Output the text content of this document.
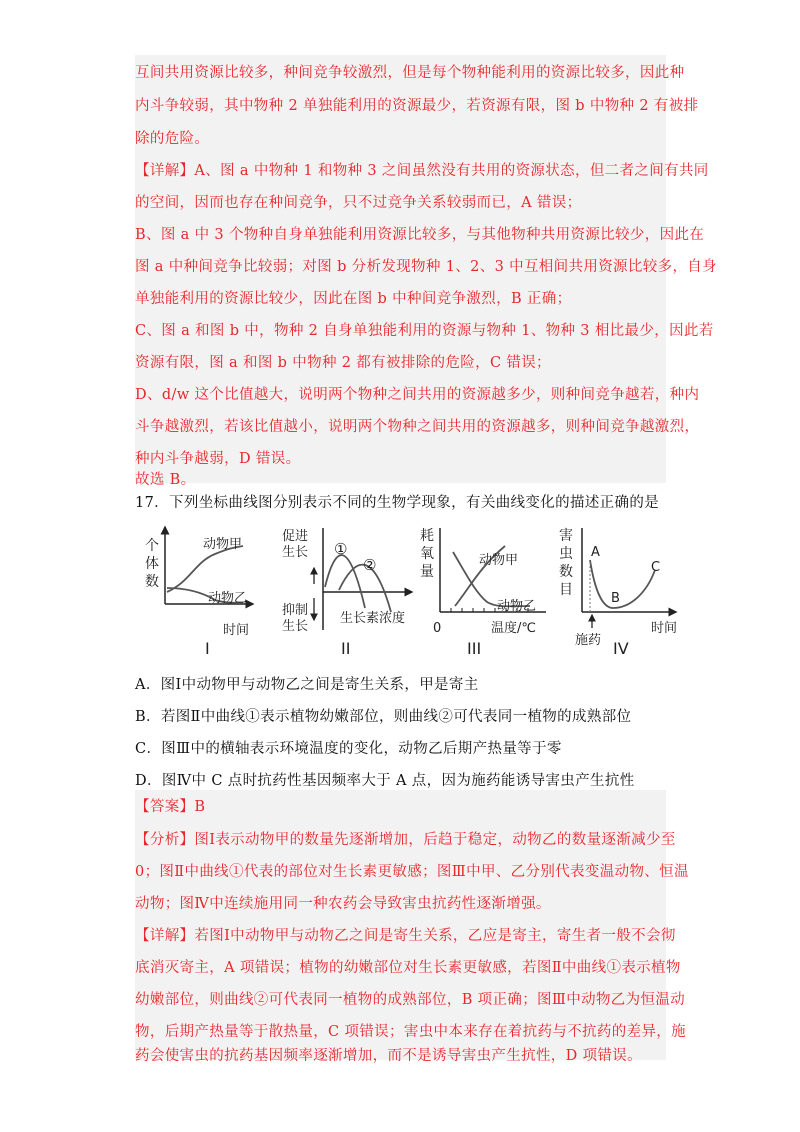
互间共用资源比较多，种间竞争较激烈，但是每个物种能利用的资源比较多，因此种
内斗争较弱，其中物种 2 单独能利用的资源最少，若资源有限，图 b 中物种 2 有被排
除的危险。
【详解】A、图 a 中物种 1 和物种 3 之间虽然没有共用的资源状态，但二者之间有共同
的空间，因而也存在种间竞争，只不过竞争关系较弱而已，A 错误；
B、图 a 中 3 个物种自身单独能利用资源比较多，与其他物种共用资源比较少，因此在
图 a 中种间竞争比较弱；对图 b 分析发现物种 1、2、3 中互相间共用资源比较多，自身
单独能利用的资源比较少，因此在图 b 中种间竞争激烈，B 正确；
C、图 a 和图 b 中，物种 2 自身单独能利用的资源与物种 1、物种 3 相比最少，因此若
资源有限，图 a 和图 b 中物种 2 都有被排除的危险，C 错误；
D、d/w 这个比值越大，说明两个物种之间共用的资源越多少，则种间竞争越若，种内
斗争越激烈，若该比值越小，说明两个物种之间共用的资源越多，则种间竞争越激烈，
种内斗争越弱，D 错误。
故选 B。
17．下列坐标曲线图分别表示不同的生物学现象，有关曲线变化的描述正确的是
个
体
数
动物甲
动物乙
时间
I
促进
生长
抑制
生长
①
②
生长素浓度
II
耗
氧
量
动物甲
动物乙
0	温度/℃
III
害
虫
数
目
A
B
C
施药
时间
IV
A．图Ⅰ中动物甲与动物乙之间是寄生关系，甲是寄主
B．若图Ⅱ中曲线①表示植物幼嫩部位，则曲线②可代表同一植物的成熟部位
C．图Ⅲ中的横轴表示环境温度的变化，动物乙后期产热量等于零
D．图Ⅳ中 C 点时抗药性基因频率大于 A 点，因为施药能诱导害虫产生抗性
【答案】B
【分析】图Ⅰ表示动物甲的数量先逐渐增加，后趋于稳定，动物乙的数量逐渐减少至
0；图Ⅱ中曲线①代表的部位对生长素更敏感；图Ⅲ中甲、乙分别代表变温动物、恒温
动物；图Ⅳ中连续施用同一种农药会导致害虫抗药性逐渐增强。
【详解】若图Ⅰ中动物甲与动物乙之间是寄生关系，乙应是寄主，寄生者一般不会彻
底消灭寄主，A 项错误；植物的幼嫩部位对生长素更敏感，若图Ⅱ中曲线①表示植物
幼嫩部位，则曲线②可代表同一植物的成熟部位，B 项正确；图Ⅲ中动物乙为恒温动
物，后期产热量等于散热量，C 项错误；害虫中本来存在着抗药与不抗药的差异，施
药会使害虫的抗药基因频率逐渐增加，而不是诱导害虫产生抗性，D 项错误。
